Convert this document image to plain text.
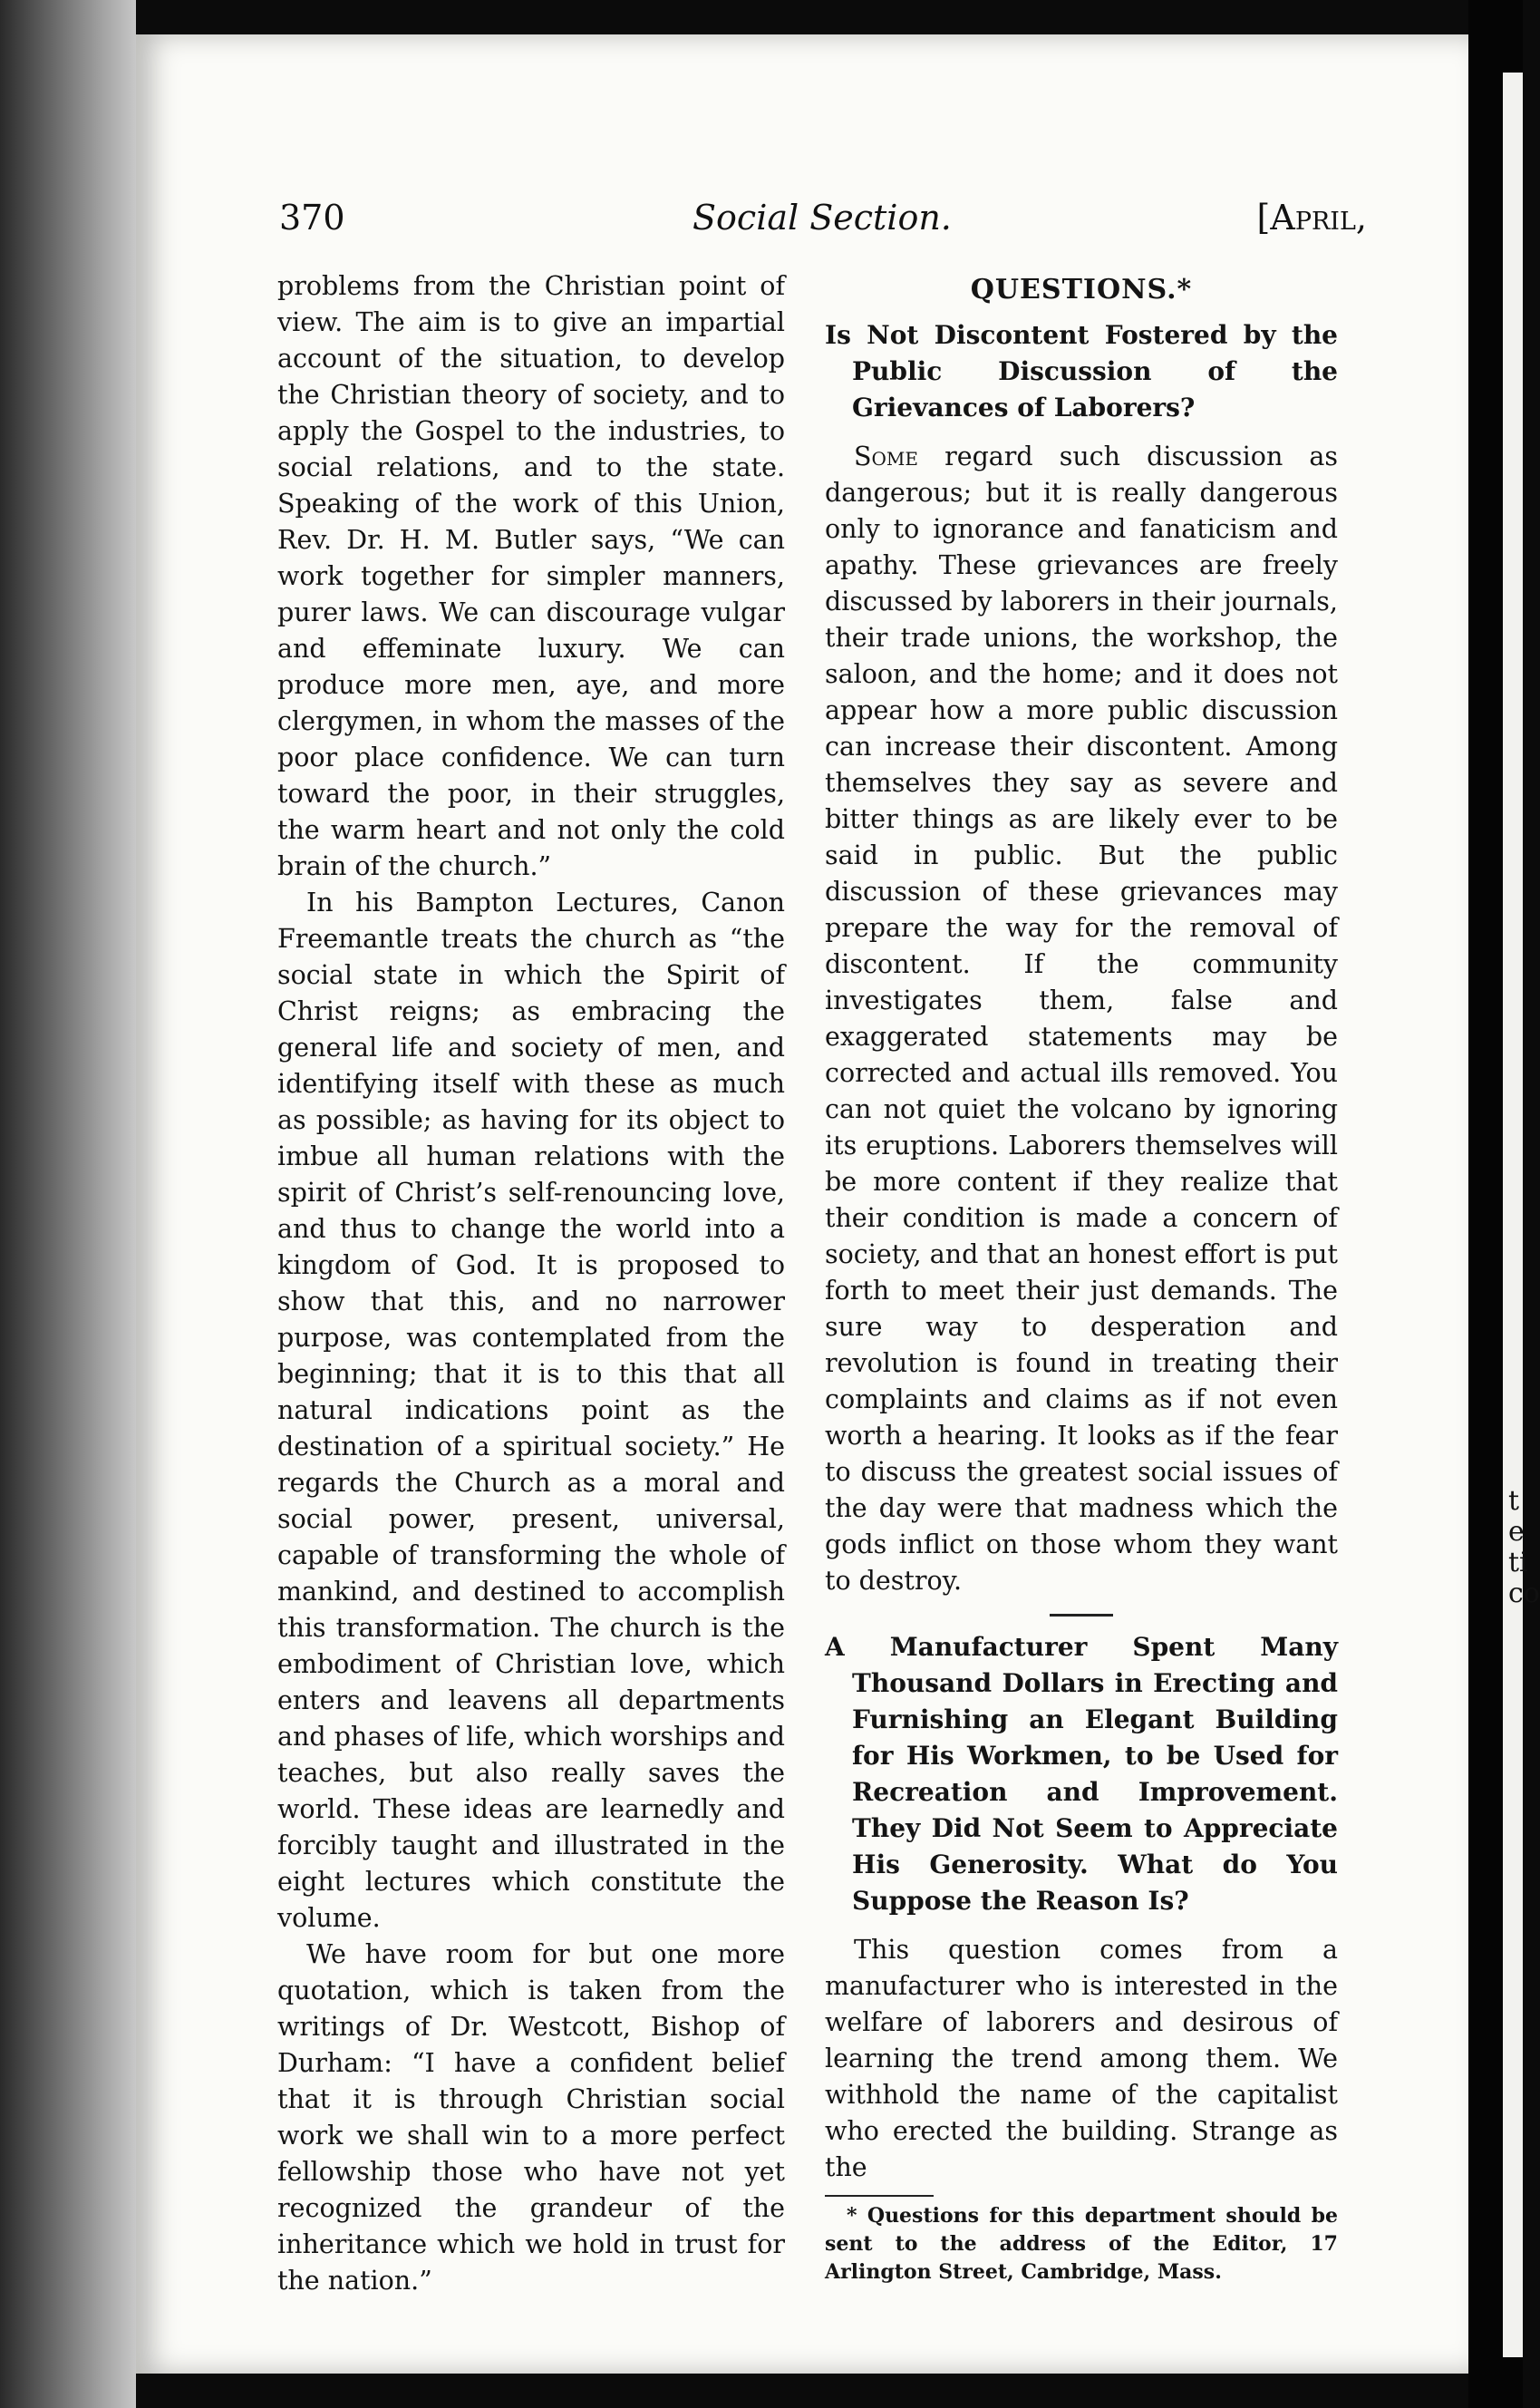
t
e
ti
co
370	Social Section.	[April,

problems from the Christian point of view. The aim is to give an impartial account of the situation, to develop the Christian theory of society, and to apply the Gospel to the industries, to social relations, and to the state. Speaking of the work of this Union, Rev. Dr. H. M. Butler says, “We can work together for simpler manners, purer laws. We can discourage vulgar and effeminate luxury. We can produce more men, aye, and more clergymen, in whom the masses of the poor place confidence. We can turn toward the poor, in their struggles, the warm heart and not only the cold brain of the church.”

In his Bampton Lectures, Canon Freemantle treats the church as “the social state in which the Spirit of Christ reigns; as embracing the general life and society of men, and identifying itself with these as much as possible; as having for its object to imbue all human relations with the spirit of Christ’s self-renouncing love, and thus to change the world into a kingdom of God. It is proposed to show that this, and no narrower purpose, was contemplated from the beginning; that it is to this that all natural indications point as the destination of a spiritual society.” He regards the Church as a moral and social power, present, universal, capable of transforming the whole of mankind, and destined to accomplish this transformation. The church is the embodiment of Christian love, which enters and leavens all departments and phases of life, which worships and teaches, but also really saves the world. These ideas are learnedly and forcibly taught and illustrated in the eight lectures which constitute the volume.

We have room for but one more quotation, which is taken from the writings of Dr. Westcott, Bishop of Durham: “I have a confident belief that it is through Christian social work we shall win to a more perfect fellowship those who have not yet recognized the grandeur of the inheritance which we hold in trust for the nation.”

QUESTIONS.*
Is Not Discontent Fostered by the Public Discussion of the Grievances of Laborers?

Some regard such discussion as dangerous; but it is really dangerous only to ignorance and fanaticism and apathy. These grievances are freely discussed by laborers in their journals, their trade unions, the workshop, the saloon, and the home; and it does not appear how a more public discussion can increase their discontent. Among themselves they say as severe and bitter things as are likely ever to be said in public. But the public discussion of these grievances may prepare the way for the removal of discontent. If the community investigates them, false and exaggerated statements may be corrected and actual ills removed. You can not quiet the volcano by ignoring its eruptions. Laborers themselves will be more content if they realize that their condition is made a concern of society, and that an honest effort is put forth to meet their just demands. The sure way to desperation and revolution is found in treating their complaints and claims as if not even worth a hearing. It looks as if the fear to discuss the greatest social issues of the day were that madness which the gods inflict on those whom they want to destroy.

A Manufacturer Spent Many Thousand Dollars in Erecting and Furnishing an Elegant Building for His Workmen, to be Used for Recreation and Improvement. They Did Not Seem to Appreciate His Generosity. What do You Suppose the Reason Is?

This question comes from a manufacturer who is interested in the welfare of laborers and desirous of learning the trend among them. We withhold the name of the capitalist who erected the building. Strange as the

* Questions for this department should be sent to the address of the Editor, 17 Arlington Street, Cambridge, Mass.
